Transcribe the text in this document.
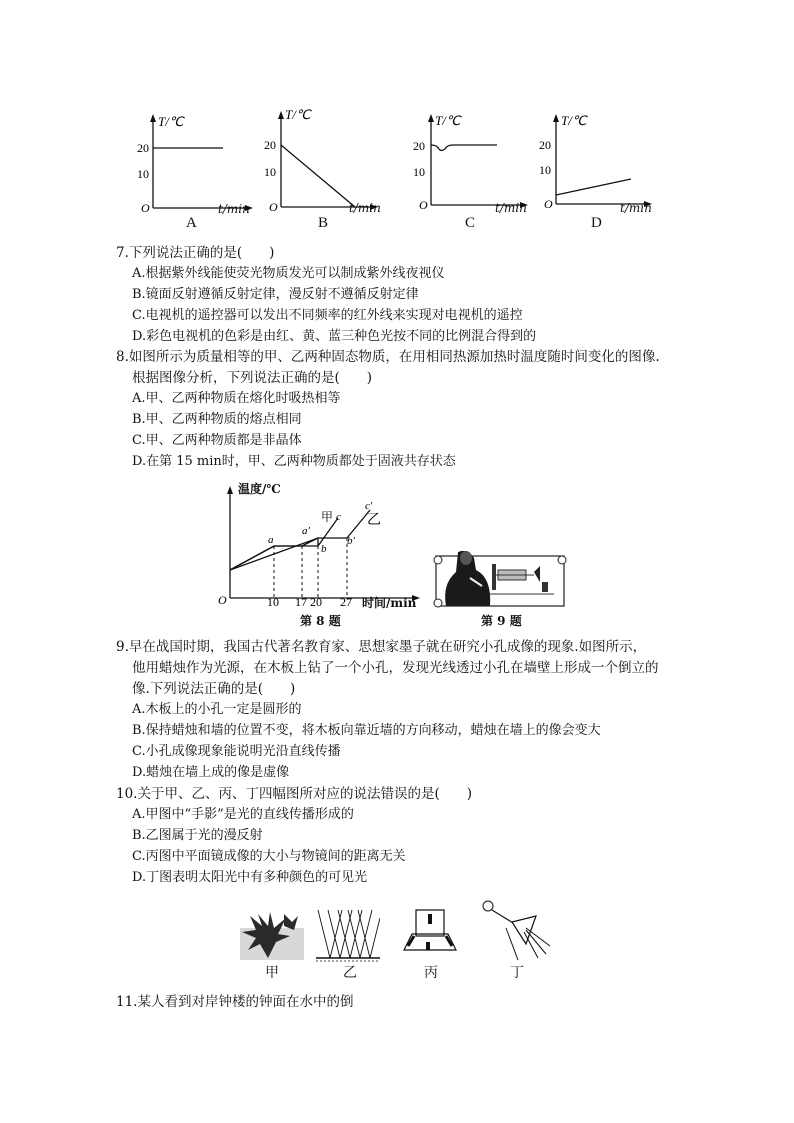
T/℃
20
10
O	t/min
A
T/℃
20
10
O	t/min
B
T/℃
20
10
O	t/min
C
T/℃
20
10
O	t/min
D
7.下列说法正确的是(　　)
A.根据紫外线能使荧光物质发光可以制成紫外线夜视仪
B.镜面反射遵循反射定律，漫反射不遵循反射定律
C.电视机的遥控器可以发出不同频率的红外线来实现对电视机的遥控
D.彩色电视机的色彩是由红、黄、蓝三种色光按不同的比例混合得到的
8.如图所示为质量相等的甲、乙两种固态物质，在用相同热源加热时温度随时间变化的图像.
根据图像分析，下列说法正确的是(　　)
A.甲、乙两种物质在熔化时吸热相等
B.甲、乙两种物质的熔点相同
C.甲、乙两种物质都是非晶体
D.在第 15 min时，甲、乙两种物质都处于固液共存状态
a
a′
b
b′
c
c′
甲 乙
O	10 17 20 27
温度/℃
时间/min
第 8 题	第 9 题
9.早在战国时期，我国古代著名教育家、思想家墨子就在研究小孔成像的现象.如图所示，
他用蜡烛作为光源，在木板上钻了一个小孔，发现光线透过小孔在墙壁上形成一个倒立的
像.下列说法正确的是(　　)
A.木板上的小孔一定是圆形的
B.保持蜡烛和墙的位置不变，将木板向靠近墙的方向移动，蜡烛在墙上的像会变大
C.小孔成像现象能说明光沿直线传播
D.蜡烛在墙上成的像是虚像
10.关于甲、乙、丙、丁四幅图所对应的说法错误的是(　　)
A.甲图中“手影”是光的直线传播形成的
B.乙图属于光的漫反射
C.丙图中平面镜成像的大小与物镜间的距离无关
D.丁图表明太阳光中有多种颜色的可见光
甲	乙	丙	丁
11.某人看到对岸钟楼的钟面在水中的倒
